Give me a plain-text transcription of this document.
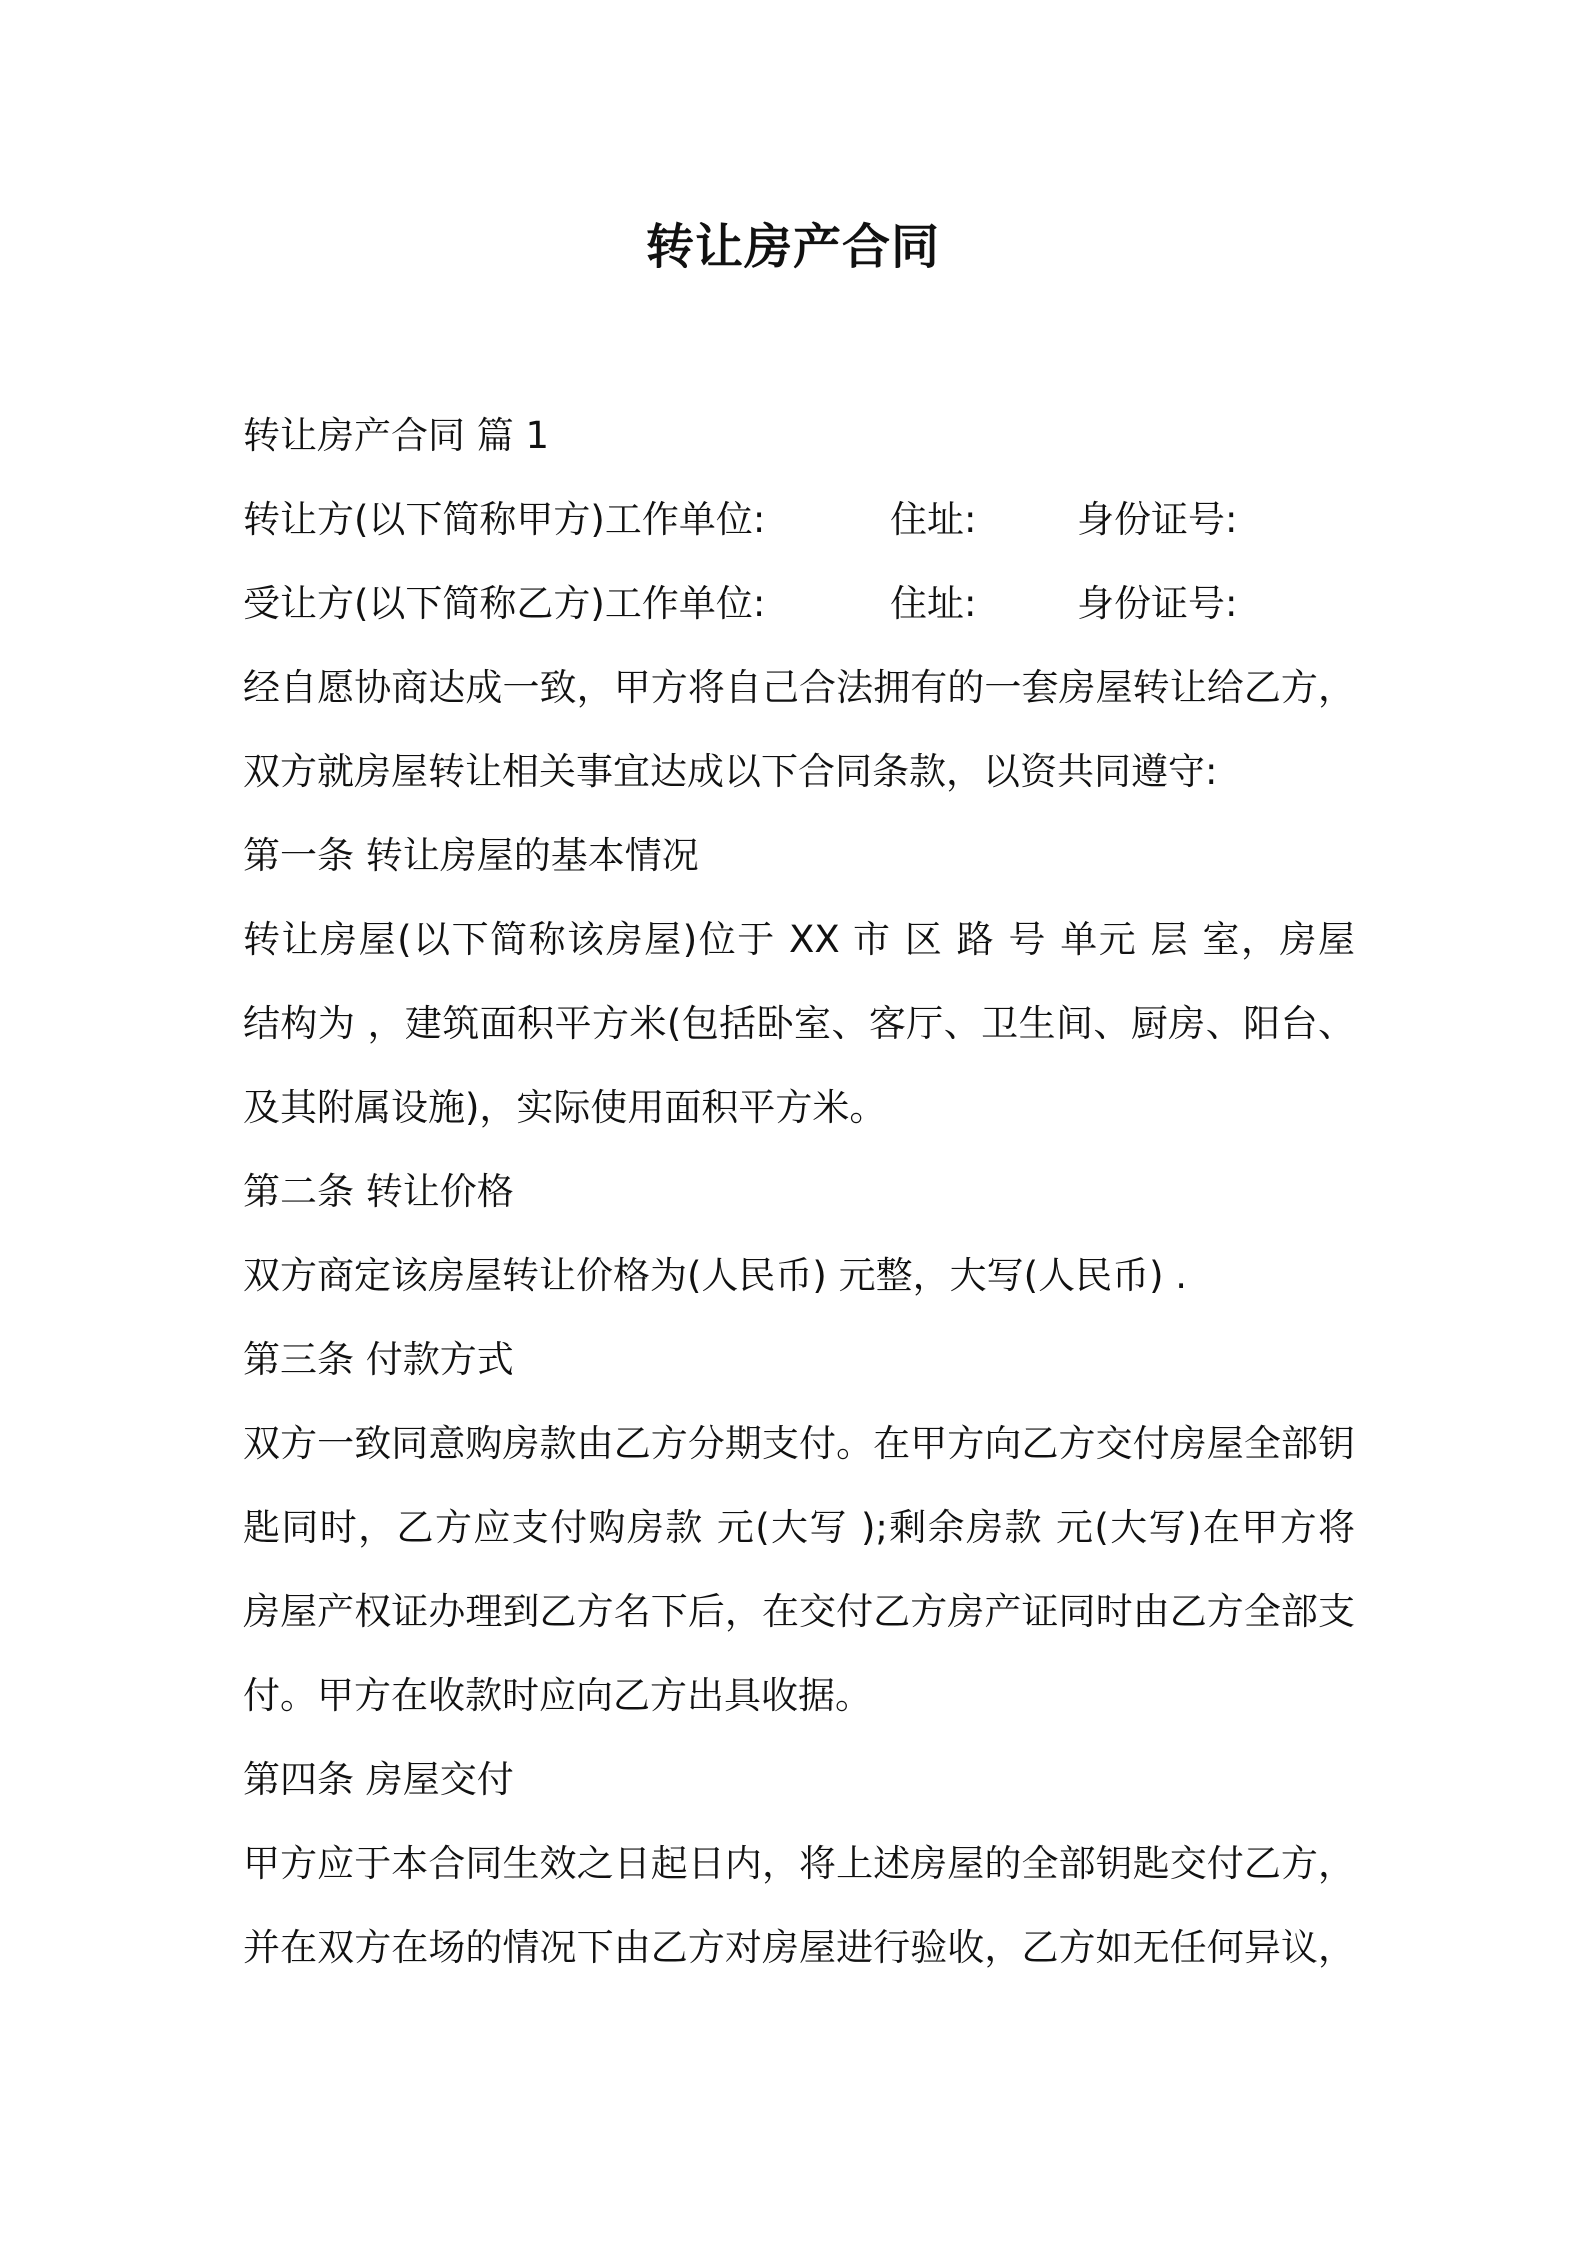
转让房产合同
转让房产合同 篇 1
转让方(以下简称甲方)工作单位:	住址:	身份证号:
受让方(以下简称乙方)工作单位:	住址:	身份证号:
经自愿协商达成一致，甲方将自己合法拥有的一套房屋转让给乙方，
双方就房屋转让相关事宜达成以下合同条款，以资共同遵守:
第一条 转让房屋的基本情况
转让房屋(以下简称该房屋)位于 XX 市 区 路 号 单元 层 室，房屋
结构为 ，建筑面积平方米(包括卧室、客厅、卫生间、厨房、阳台、
及其附属设施)，实际使用面积平方米。
第二条 转让价格
双方商定该房屋转让价格为(人民币) 元整，大写(人民币) .
第三条 付款方式
双方一致同意购房款由乙方分期支付。在甲方向乙方交付房屋全部钥
匙同时，乙方应支付购房款 元(大写 );剩余房款 元(大写)在甲方将
房屋产权证办理到乙方名下后，在交付乙方房产证同时由乙方全部支
付。甲方在收款时应向乙方出具收据。
第四条 房屋交付
甲方应于本合同生效之日起日内，将上述房屋的全部钥匙交付乙方，
并在双方在场的情况下由乙方对房屋进行验收，乙方如无任何异议，
